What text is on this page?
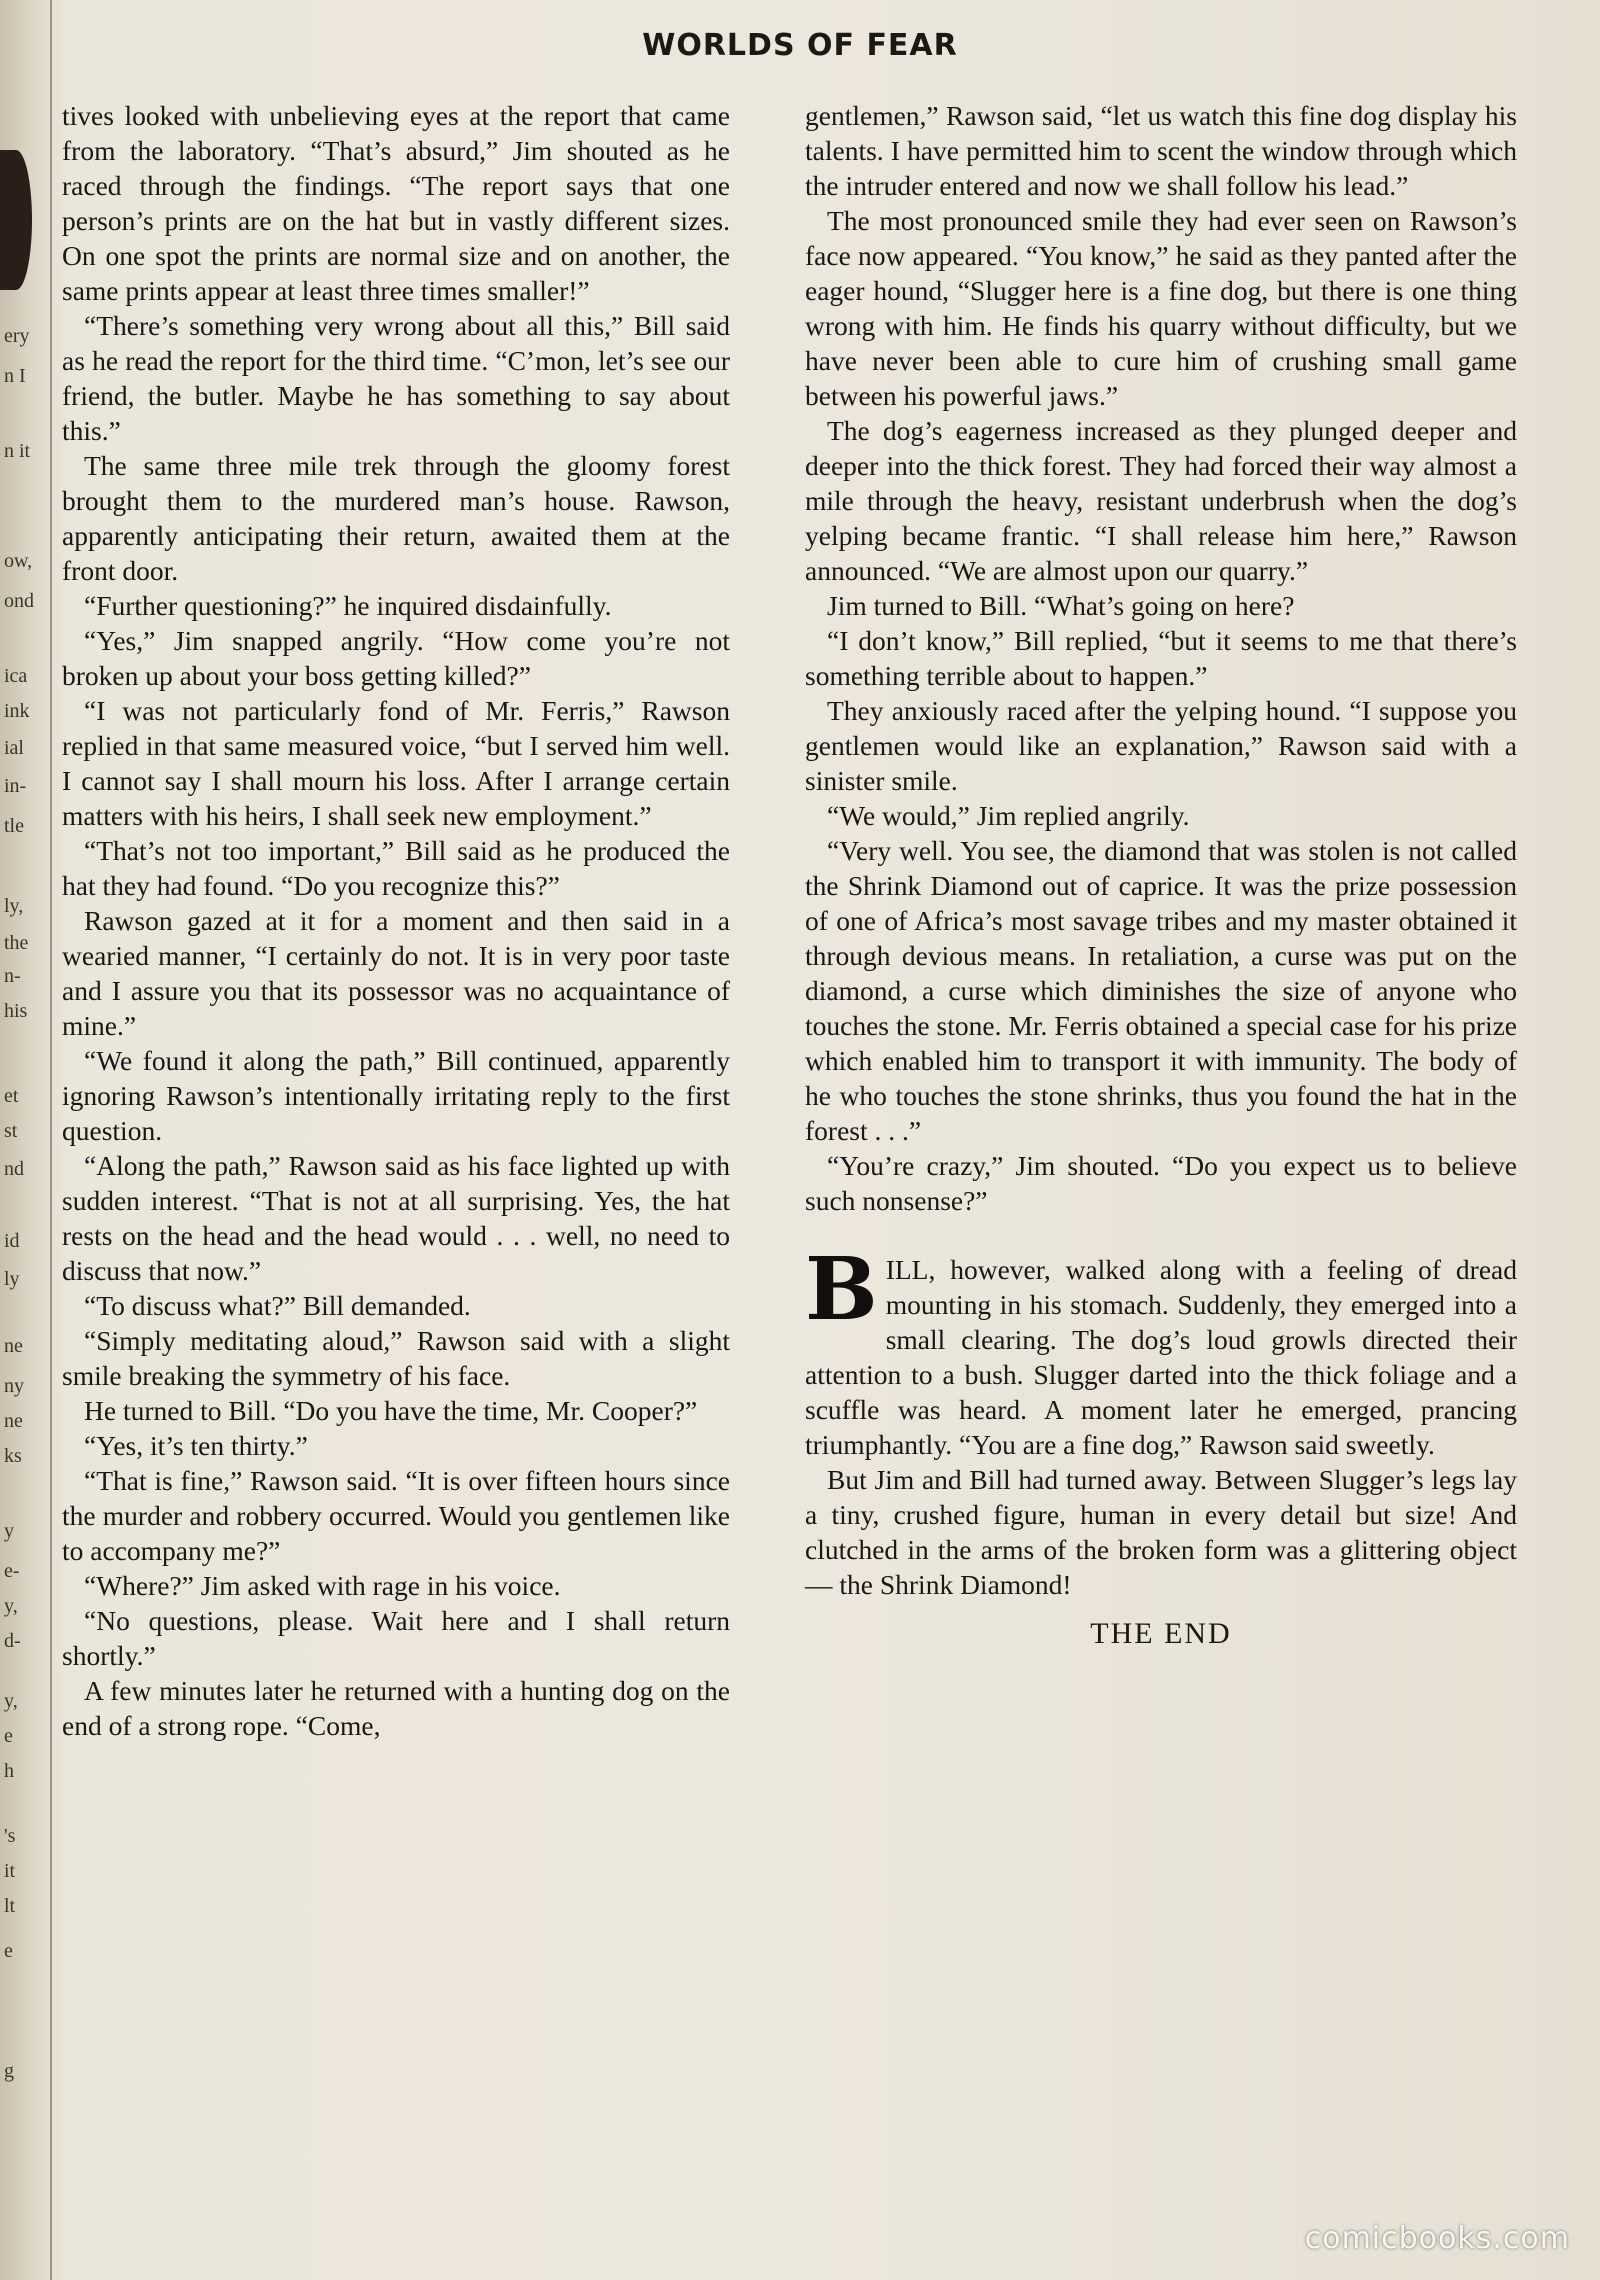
ery
n I
n it
ow,
ond
ica
ink
ial
in-
tle
ly,
the
n-
his
et
st
nd
id
ly
ne
ny
ne
ks
y
e-
y,
d-
y,
e
h
's
it
lt
e
g
WORLDS OF FEAR

tives looked with unbelieving eyes at the report that came from the laboratory. “That’s absurd,” Jim shouted as he raced through the findings. “The report says that one person’s prints are on the hat but in vastly different sizes. On one spot the prints are normal size and on another, the same prints appear at least three times smaller!”

“There’s something very wrong about all this,” Bill said as he read the report for the third time. “C’mon, let’s see our friend, the butler. Maybe he has something to say about this.”

The same three mile trek through the gloomy forest brought them to the murdered man’s house. Rawson, apparently anticipating their return, awaited them at the front door.

“Further questioning?” he inquired disdainfully.

“Yes,” Jim snapped angrily. “How come you’re not broken up about your boss getting killed?”

“I was not particularly fond of Mr. Ferris,” Rawson replied in that same measured voice, “but I served him well. I cannot say I shall mourn his loss. After I arrange certain matters with his heirs, I shall seek new employment.”

“That’s not too important,” Bill said as he produced the hat they had found. “Do you recognize this?”

Rawson gazed at it for a moment and then said in a wearied manner, “I certainly do not. It is in very poor taste and I assure you that its possessor was no acquaintance of mine.”

“We found it along the path,” Bill continued, apparently ignoring Rawson’s intentionally irritating reply to the first question.

“Along the path,” Rawson said as his face lighted up with sudden interest. “That is not at all surprising. Yes, the hat rests on the head and the head would . . . well, no need to discuss that now.”

“To discuss what?” Bill demanded.

“Simply meditating aloud,” Rawson said with a slight smile breaking the symmetry of his face.

He turned to Bill. “Do you have the time, Mr. Cooper?”

“Yes, it’s ten thirty.”

“That is fine,” Rawson said. “It is over fifteen hours since the murder and robbery occurred. Would you gentlemen like to accompany me?”

“Where?” Jim asked with rage in his voice.

“No questions, please. Wait here and I shall return shortly.”

A few minutes later he returned with a hunting dog on the end of a strong rope. “Come,

gentlemen,” Rawson said, “let us watch this fine dog display his talents. I have permitted him to scent the window through which the intruder entered and now we shall follow his lead.”

The most pronounced smile they had ever seen on Rawson’s face now appeared. “You know,” he said as they panted after the eager hound, “Slugger here is a fine dog, but there is one thing wrong with him. He finds his quarry without difficulty, but we have never been able to cure him of crushing small game between his powerful jaws.”

The dog’s eagerness increased as they plunged deeper and deeper into the thick forest. They had forced their way almost a mile through the heavy, resistant underbrush when the dog’s yelping became frantic. “I shall release him here,” Rawson announced. “We are almost upon our quarry.”

Jim turned to Bill. “What’s going on here?

“I don’t know,” Bill replied, “but it seems to me that there’s something terrible about to happen.”

They anxiously raced after the yelping hound. “I suppose you gentlemen would like an explanation,” Rawson said with a sinister smile.

“We would,” Jim replied angrily.

“Very well. You see, the diamond that was stolen is not called the Shrink Diamond out of caprice. It was the prize possession of one of Africa’s most savage tribes and my master obtained it through devious means. In retaliation, a curse was put on the diamond, a curse which diminishes the size of anyone who touches the stone. Mr. Ferris obtained a special case for his prize which enabled him to transport it with immunity. The body of he who touches the stone shrinks, thus you found the hat in the forest . . .”

“You’re crazy,” Jim shouted. “Do you expect us to believe such nonsense?”

BILL, however, walked along with a feeling of dread mounting in his stomach. Suddenly, they emerged into a small clearing. The dog’s loud growls directed their attention to a bush. Slugger darted into the thick foliage and a scuffle was heard. A moment later he emerged, prancing triumphantly. “You are a fine dog,” Rawson said sweetly.

But Jim and Bill had turned away. Between Slugger’s legs lay a tiny, crushed figure, human in every detail but size! And clutched in the arms of the broken form was a glittering object — the Shrink Diamond!

THE END
comicbooks.com
